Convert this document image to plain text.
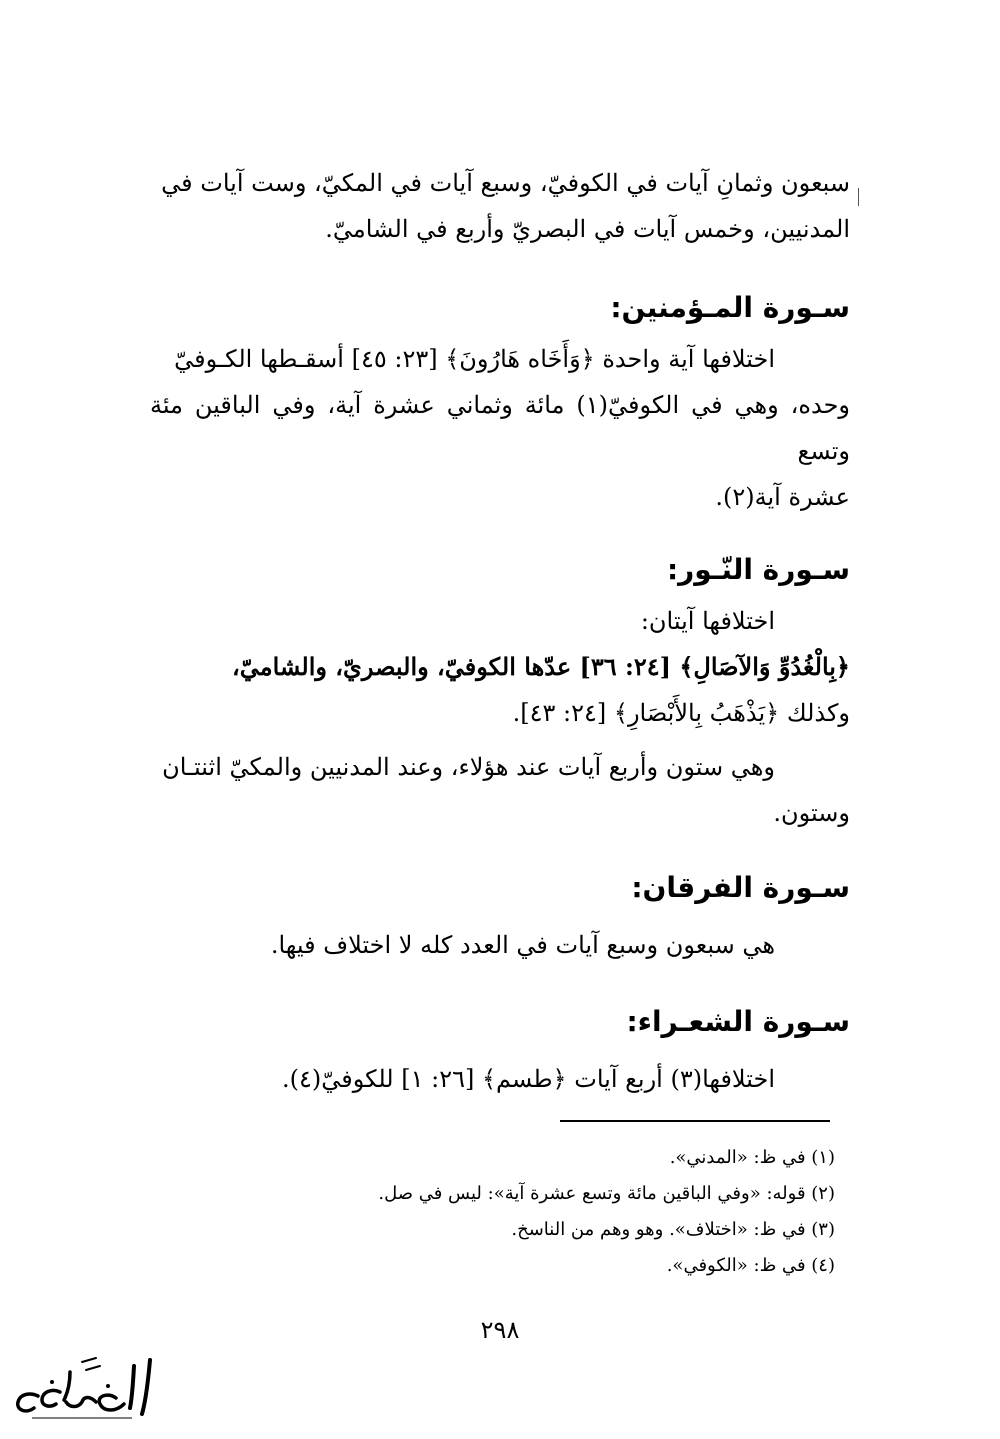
سبعون وثمانِ آيات في الكوفيّ، وسبع آيات في المكيّ، وست آيات في

المدنيين، وخمس آيات في البصريّ وأربع في الشاميّ.

سـورة المـؤمنين:

اختلافها آية واحدة ﴿وَأَخَاه هَارُونَ﴾ [٢٣: ٤٥] أسقـطها الكـوفيّ

وحده، وهي في الكوفيّ(١) مائة وثماني عشرة آية، وفي الباقين مئة وتسع

عشرة آية(٢).

سـورة النّـور:

اختلافها آيتان:

﴿بِالْغُدُوِّ وَالآصَالِ﴾ [٢٤: ٣٦] عدّها الكوفيّ، والبصريّ، والشاميّ،

وكذلك ﴿يَذْهَبُ بِالأَبْصَارِ﴾ [٢٤: ٤٣].

وهي ستون وأربع آيات عند هؤلاء، وعند المدنيين والمكيّ اثنتـان

وستون.

سـورة الفرقان:

هي سبعون وسبع آيات في العدد كله لا اختلاف فيها.

سـورة الشعـراء:

اختلافها(٣) أربع آيات ﴿طسم﴾ [٢٦: ١] للكوفيّ(٤).

(١) في ظ: «المدني».

(٢) قوله: «وفي الباقين مائة وتسع عشرة آية»: ليس في صل.

(٣) في ظ: «اختلاف». وهو وهم من الناسخ.

(٤) في ظ: «الكوفي».

٢٩٨
